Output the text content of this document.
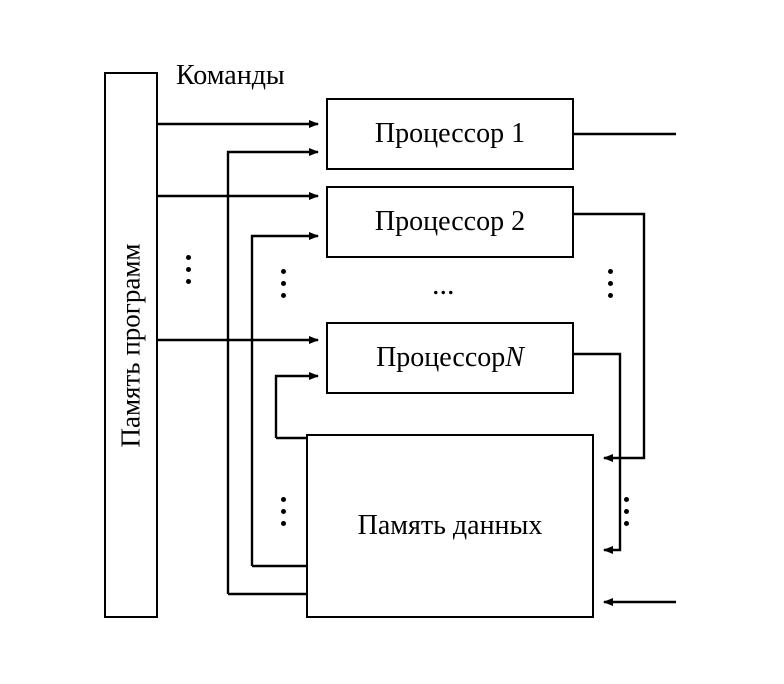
Память программ
Процессор 1
Процессор 2
Процессор N
Память данных
Команды
...
